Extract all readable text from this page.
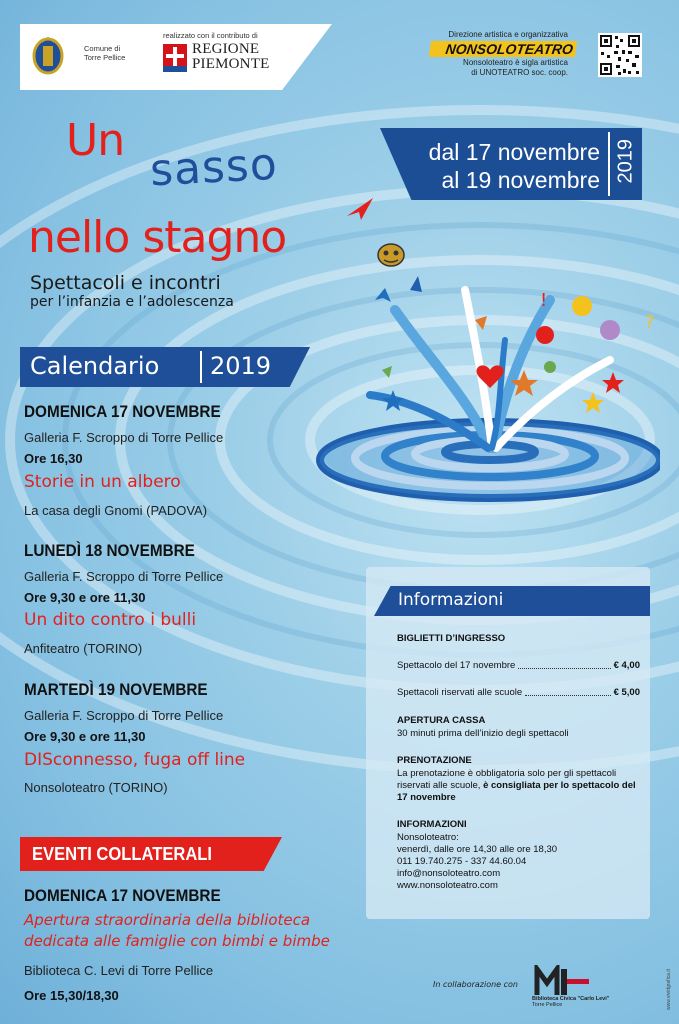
Comune di
Torre Pellice
realizzato con il contributo di
REGIONE
PIEMONTE
Direzione artistica e organizzativa
NONSOLOTEATRO
Nonsoloteatro è sigla artistica
di UNOTEATRO soc. coop.
dal 17 novembre
al 19 novembre 2019
Un sasso
nello stagno
Spettacoli e incontri
per l’infanzia e l’adolescenza	!
?
Calendario 2019
DOMENICA 17 NOVEMBRE
Galleria F. Scroppo di Torre Pellice
Ore 16,30
Storie in un albero
La casa degli Gnomi (PADOVA)
LUNEDÌ 18 NOVEMBRE
Galleria F. Scroppo di Torre Pellice
Ore 9,30 e ore 11,30
Un dito contro i bulli
Anfiteatro (TORINO)
MARTEDÌ 19 NOVEMBRE
Galleria F. Scroppo di Torre Pellice
Ore 9,30 e ore 11,30
DISconnesso, fuga off line
Nonsoloteatro (TORINO)
EVENTI COLLATERALI
DOMENICA 17 NOVEMBRE
Apertura straordinaria della biblioteca
dedicata alle famiglie con bimbi e bimbe
Biblioteca C. Levi di Torre Pellice
Ore 15,30/18,30
Informazioni
BIGLIETTI D’INGRESSO
Spettacolo del 17 novembre	€ 4,00
Spettacoli riservati alle scuole	€ 5,00
APERTURA CASSA
30 minuti prima dell’inizio degli spettacoli
PRENOTAZIONE
La prenotazione è obbligatoria solo per gli spettacoli
riservati alle scuole, è consigliata per lo spettacolo del
17 novembre
INFORMAZIONI
Nonsoloteatro:
venerdì, dalle ore 14,30 alle ore 18,30
011 19.740.275 - 337 44.60.04
info@nonsoloteatro.com
www.nonsoloteatro.com
In collaborazione con
Biblioteca Civica "Carlo Levi"
Torre Pellice	www.vividgrafica.it
